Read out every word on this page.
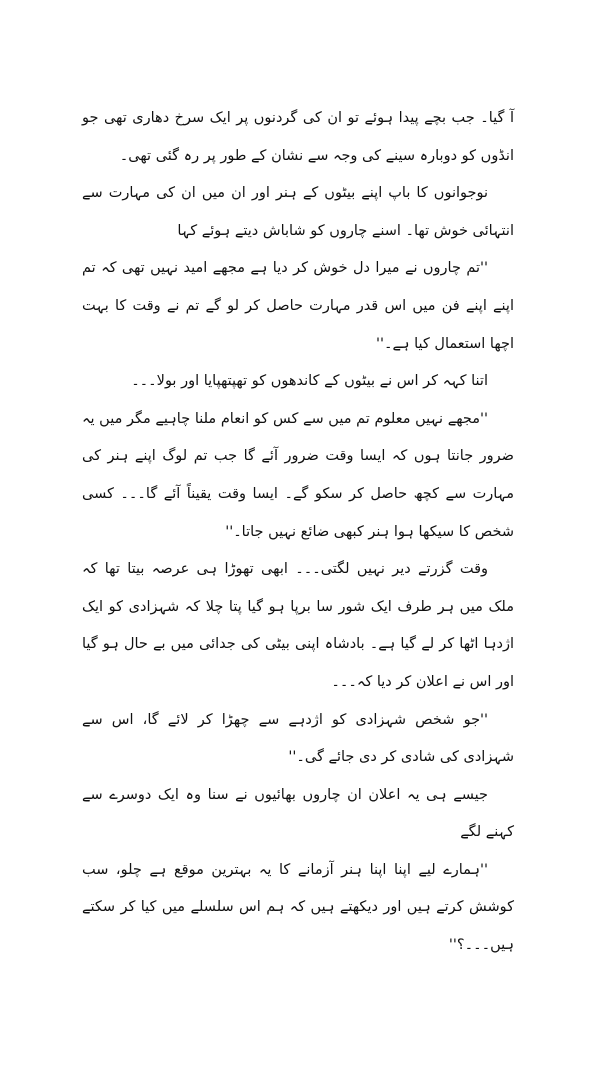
آ گیا۔ جب بچے پیدا ہوئے تو ان کی گردنوں پر ایک سرخ دھاری تھی جو انڈوں کو دوبارہ سینے کی وجہ سے نشان کے طور پر رہ گئی تھی۔

نوجوانوں کا باپ اپنے بیٹوں کے ہنر اور ان میں ان کی مہارت سے انتہائی خوش تھا۔ اسنے چاروں کو شاباش دیتے ہوئے کہا

''تم چاروں نے میرا دل خوش کر دیا ہے مجھے امید نہیں تھی کہ تم اپنے اپنے فن میں اس قدر مہارت حاصل کر لو گے تم نے وقت کا بہت اچھا استعمال کیا ہے۔''

اتنا کہہ کر اس نے بیٹوں کے کاندھوں کو تھپتھپایا اور بولا۔۔۔

''مجھے نہیں معلوم تم میں سے کس کو انعام ملنا چاہیے مگر میں یہ ضرور جانتا ہوں کہ ایسا وقت ضرور آئے گا جب تم لوگ اپنے ہنر کی مہارت سے کچھ حاصل کر سکو گے۔ ایسا وقت یقیناً آئے گا۔۔۔ کسی شخص کا سیکھا ہوا ہنر کبھی ضائع نہیں جاتا۔''

وقت گزرتے دیر نہیں لگتی۔۔۔ ابھی تھوڑا ہی عرصہ بیتا تھا کہ ملک میں ہر طرف ایک شور سا برپا ہو گیا پتا چلا کہ شہزادی کو ایک اژدہا اٹھا کر لے گیا ہے۔ بادشاہ اپنی بیٹی کی جدائی میں بے حال ہو گیا اور اس نے اعلان کر دیا کہ۔۔۔

''جو شخص شہزادی کو اژدہے سے چھڑا کر لائے گا، اس سے شہزادی کی شادی کر دی جائے گی۔''

جیسے ہی یہ اعلان ان چاروں بھائیوں نے سنا وہ ایک دوسرے سے کہنے لگے

''ہمارے لیے اپنا اپنا ہنر آزمانے کا یہ بہترین موقع ہے چلو، سب کوشش کرتے ہیں اور دیکھتے ہیں کہ ہم اس سلسلے میں کیا کر سکتے ہیں۔۔۔؟''
